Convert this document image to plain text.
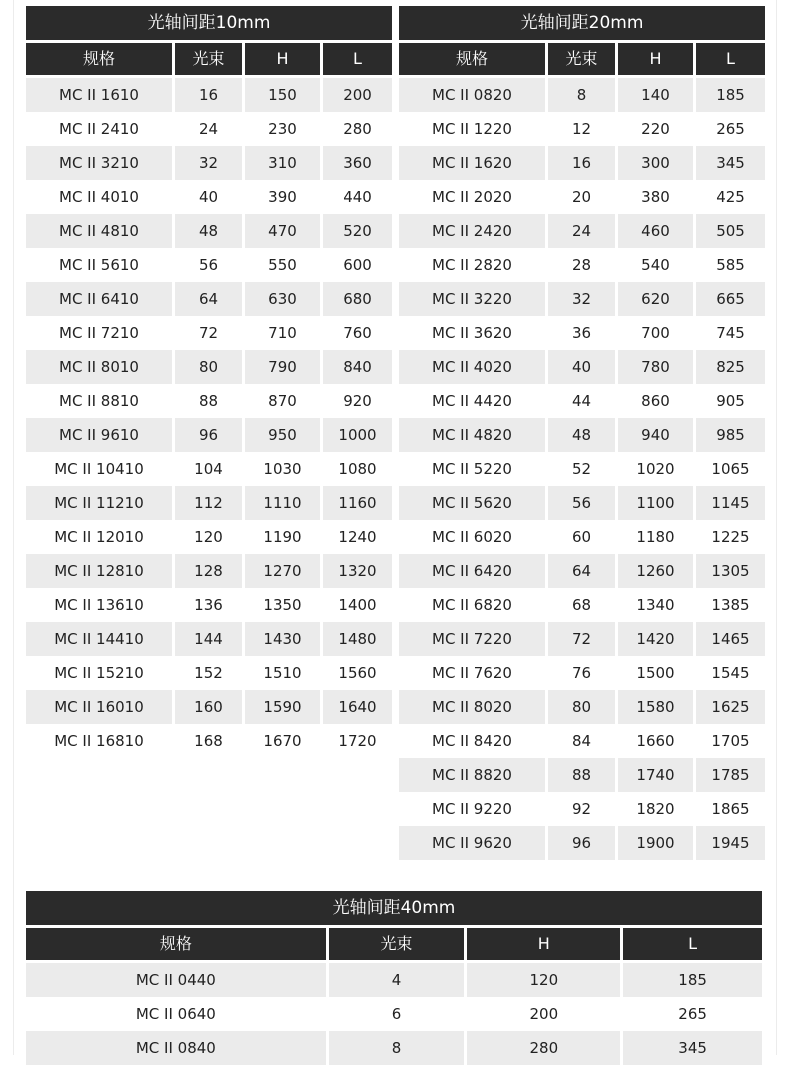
光轴间距10mm			

规格	光束	H	L

MC II 1610	16	150	200
MC II 2410	24	230	280
MC II 3210	32	310	360
MC II 4010	40	390	440
MC II 4810	48	470	520
MC II 5610	56	550	600
MC II 6410	64	630	680
MC II 7210	72	710	760
MC II 8010	80	790	840
MC II 8810	88	870	920
MC II 9610	96	950	1000
MC II 10410	104	1030	1080
MC II 11210	112	1110	1160
MC II 12010	120	1190	1240
MC II 12810	128	1270	1320
MC II 13610	136	1350	1400
MC II 14410	144	1430	1480
MC II 15210	152	1510	1560
MC II 16010	160	1590	1640
MC II 16810	168	1670	1720
光轴间距20mm			

规格	光束	H	L

MC II 0820	8	140	185
MC II 1220	12	220	265
MC II 1620	16	300	345
MC II 2020	20	380	425
MC II 2420	24	460	505
MC II 2820	28	540	585
MC II 3220	32	620	665
MC II 3620	36	700	745
MC II 4020	40	780	825
MC II 4420	44	860	905
MC II 4820	48	940	985
MC II 5220	52	1020	1065
MC II 5620	56	1100	1145
MC II 6020	60	1180	1225
MC II 6420	64	1260	1305
MC II 6820	68	1340	1385
MC II 7220	72	1420	1465
MC II 7620	76	1500	1545
MC II 8020	80	1580	1625
MC II 8420	84	1660	1705
MC II 8820	88	1740	1785
MC II 9220	92	1820	1865
MC II 9620	96	1900	1945
光轴间距40mm			

规格	光束	H	L

MC II 0440	4	120	185
MC II 0640	6	200	265
MC II 0840	8	280	345
